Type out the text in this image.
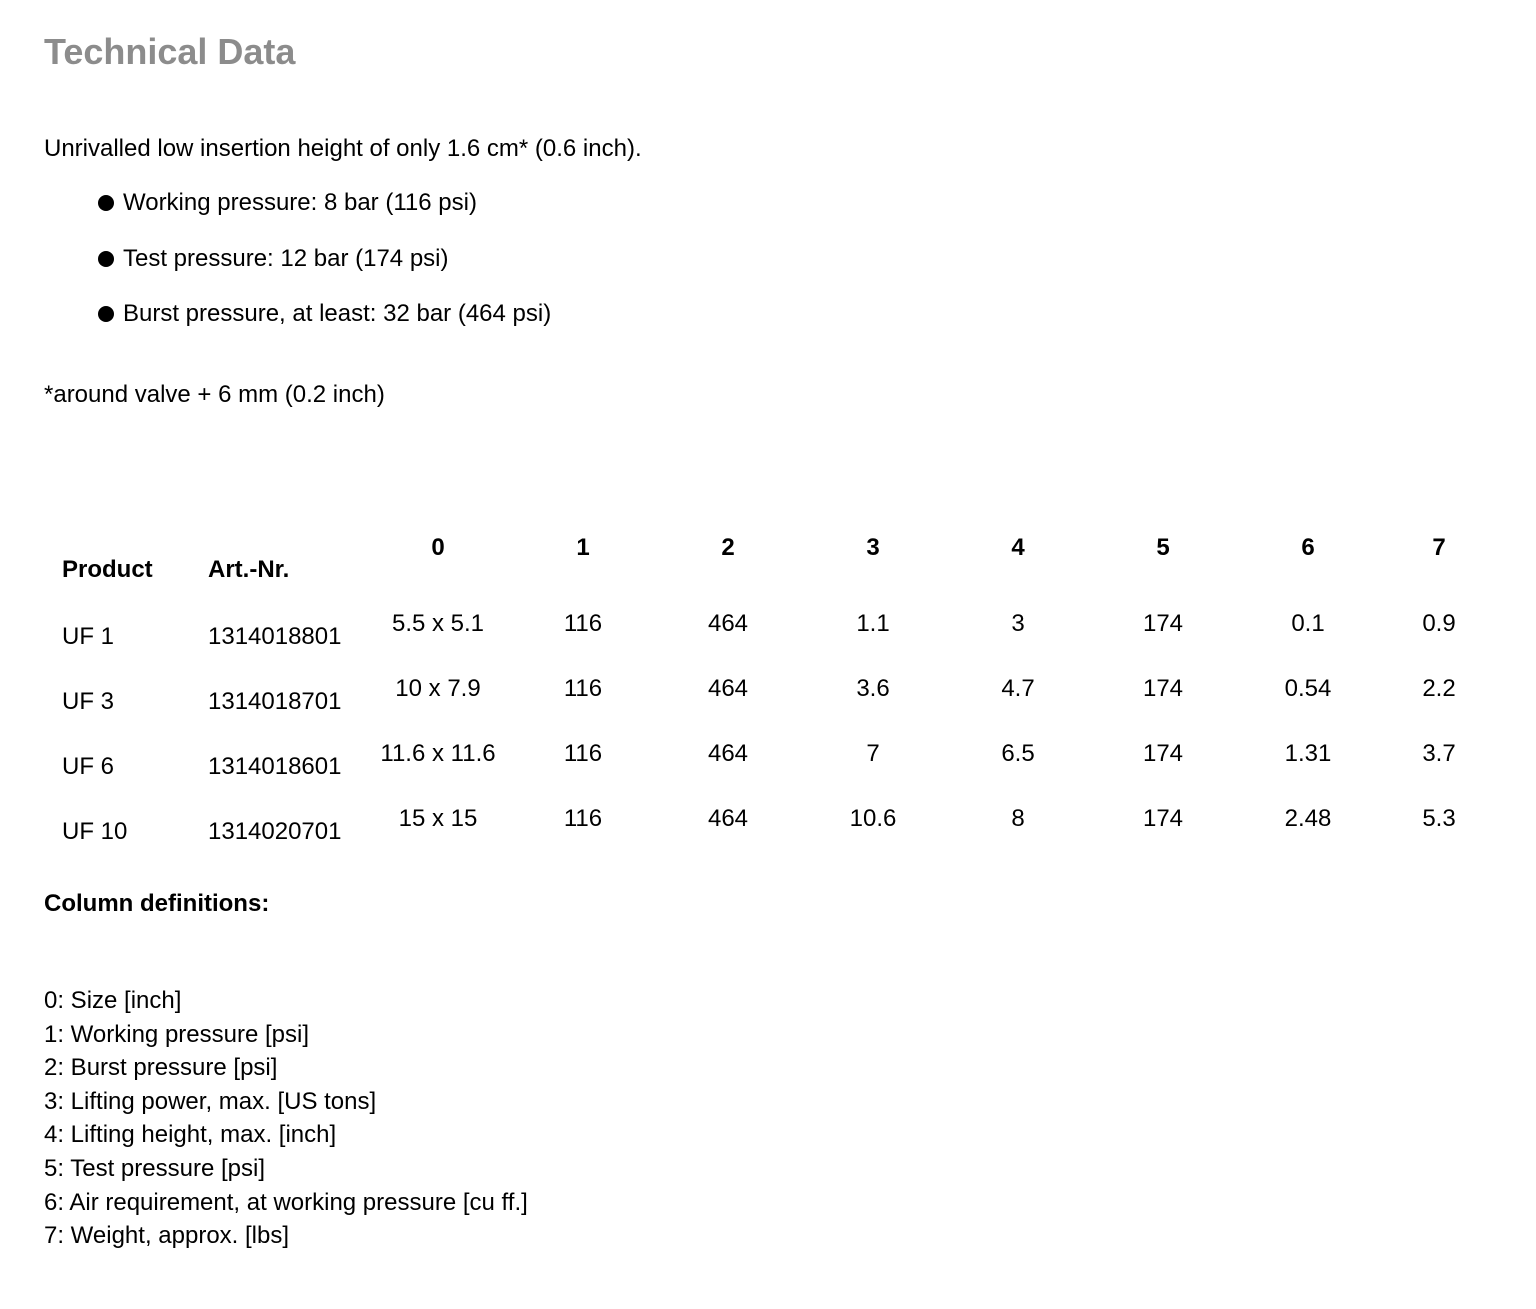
Technical Data
Unrivalled low insertion height of only 1.6 cm* (0.6 inch).
Working pressure: 8 bar (116 psi)
Test pressure: 12 bar (174 psi)
Burst pressure, at least: 32 bar (464 psi)
*around valve + 6 mm (0.2 inch)
Product	Art.-Nr.	0	1	2	3	4	5	6	7
UF 1	1314018801	5.5 x 5.1	116	464	1.1	3	174	0.1	0.9
UF 3	1314018701	10 x 7.9	116	464	3.6	4.7	174	0.54	2.2
UF 6	1314018601	11.6 x 11.6	116	464	7	6.5	174	1.31	3.7
UF 10	1314020701	15 x 15	116	464	10.6	8	174	2.48	5.3
Column definitions:
0: Size [inch]
1: Working pressure [psi]
2: Burst pressure [psi]
3: Lifting power, max. [US tons]
4: Lifting height, max. [inch]
5: Test pressure [psi]
6: Air requirement, at working pressure [cu ff.]
7: Weight, approx. [lbs]
